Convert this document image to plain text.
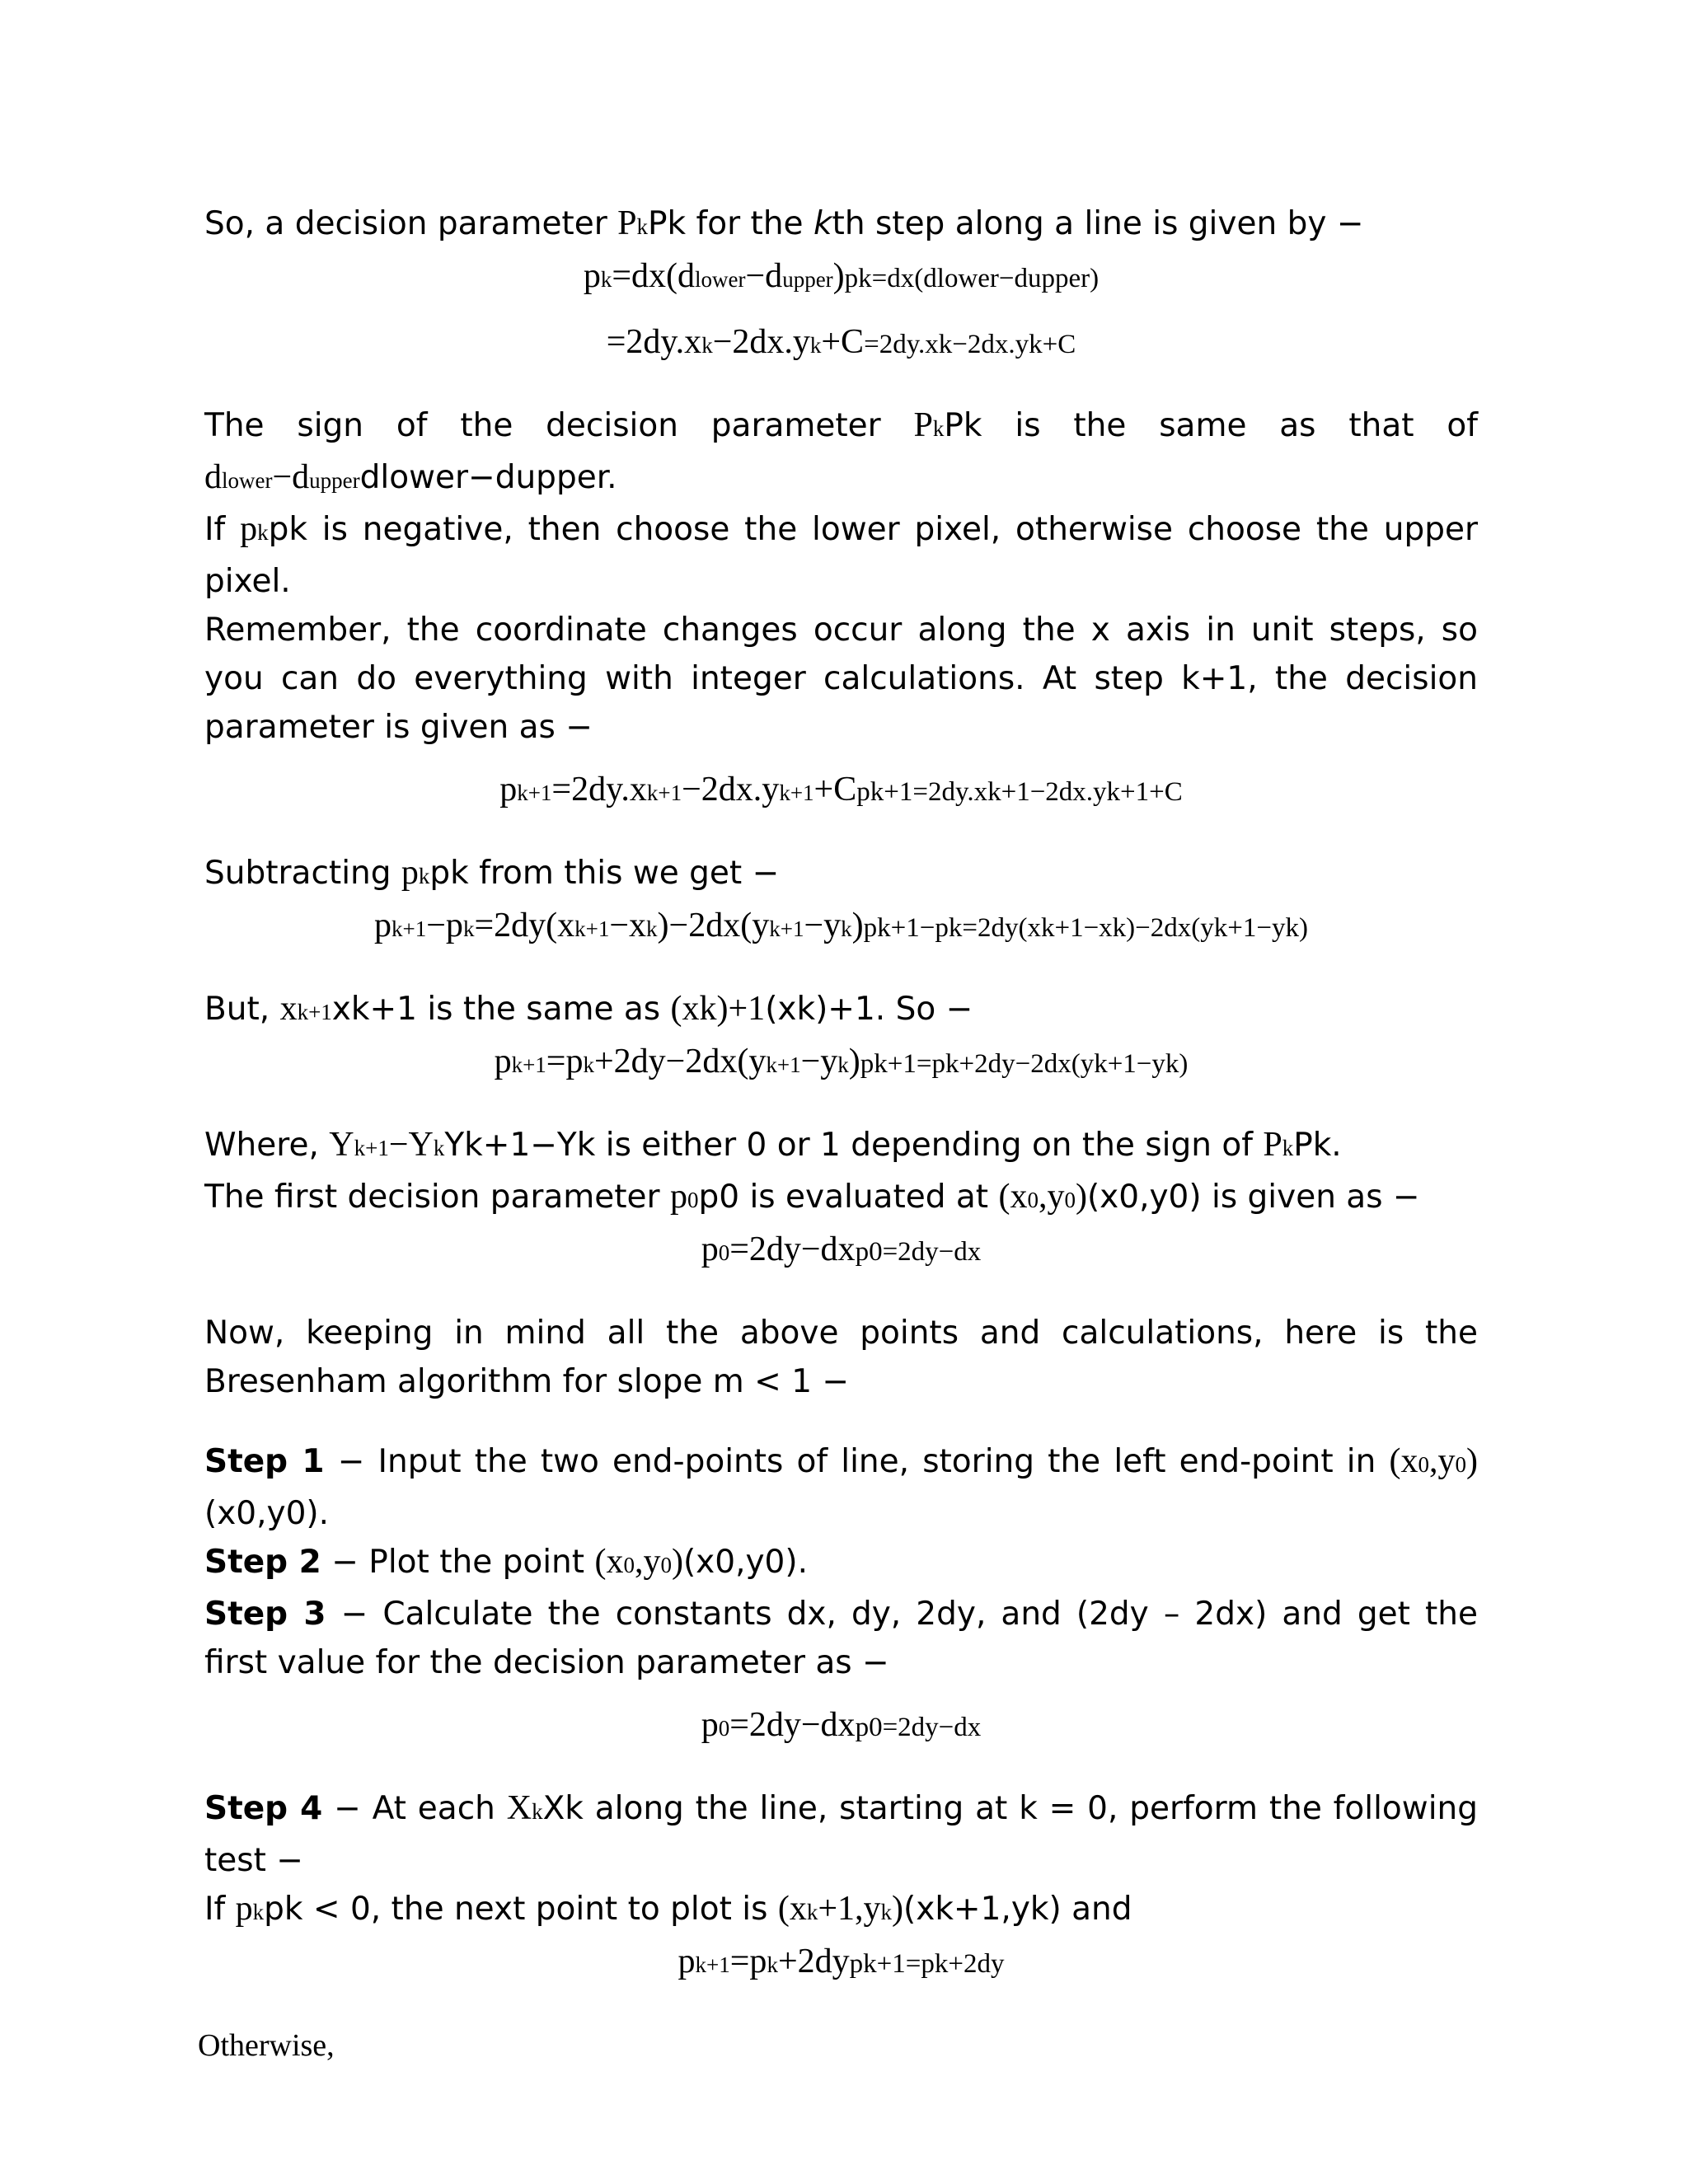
So, a decision parameter PkPk for the kth step along a line is given by −

pk=dx(dlower−dupper)pk=dx(dlower−dupper)

=2dy.xk−2dx.yk+C=2dy.xk−2dx.yk+C

The sign of the decision parameter PkPk is the same as that of dlower−dupperdlower−dupper.

If pkpk is negative, then choose the lower pixel, otherwise choose the upper pixel.

Remember, the coordinate changes occur along the x axis in unit steps, so you can do everything with integer calculations. At step k+1, the decision parameter is given as −

pk+1=2dy.xk+1−2dx.yk+1+Cpk+1=2dy.xk+1−2dx.yk+1+C

Subtracting pkpk from this we get −

pk+1−pk=2dy(xk+1−xk)−2dx(yk+1−yk)pk+1−pk=2dy(xk+1−xk)−2dx(yk+1−yk)

But, xk+1xk+1 is the same as (xk)+1(xk)+1. So −

pk+1=pk+2dy−2dx(yk+1−yk)pk+1=pk+2dy−2dx(yk+1−yk)

Where, Yk+1−YkYk+1−Yk is either 0 or 1 depending on the sign of PkPk.

The first decision parameter p0p0 is evaluated at (x0,y0)(x0,y0) is given as −

p0=2dy−dxp0=2dy−dx

Now, keeping in mind all the above points and calculations, here is the Bresenham algorithm for slope m < 1 −

Step 1 − Input the two end-points of line, storing the left end-point in (x0,y0)(x0,y0).

Step 2 − Plot the point (x0,y0)(x0,y0).

Step 3 − Calculate the constants dx, dy, 2dy, and (2dy – 2dx) and get the first value for the decision parameter as −

p0=2dy−dxp0=2dy−dx

Step 4 − At each XkXk along the line, starting at k = 0, perform the following test −

If pkpk < 0, the next point to plot is (xk+1,yk)(xk+1,yk) and

pk+1=pk+2dypk+1=pk+2dy

Otherwise,
